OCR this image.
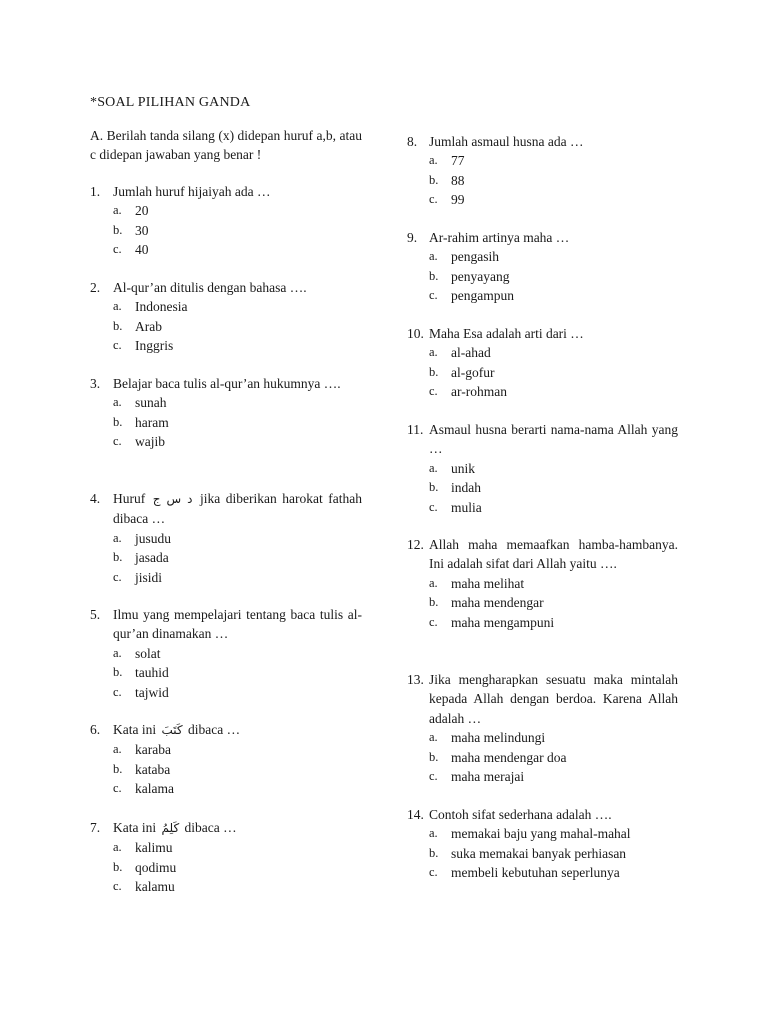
*SOAL PILIHAN GANDA
A. Berilah tanda silang (x) didepan huruf a,b, atau c didepan jawaban yang benar !
1. Jumlah huruf hijaiyah ada …
a. 20
b. 30
c. 40
2. Al-qur’an ditulis dengan bahasa ….
a. Indonesia
b. Arab
c. Inggris
3. Belajar baca tulis al-qur’an hukumnya ….
a. sunah
b. haram
c. wajib
4. Huruf د س ج jika diberikan harokat fathah dibaca …
a. jusudu
b. jasada
c. jisidi
5. Ilmu yang mempelajari tentang baca tulis al-qur’an dinamakan …
a. solat
b. tauhid
c. tajwid
6. Kata ini كَتَبَ dibaca …
a. karaba
b. kataba
c. kalama
7. Kata ini كَلِمُ dibaca …
a. kalimu
b. qodimu
c. kalamu
8. Jumlah asmaul husna ada …
a. 77
b. 88
c. 99
9. Ar-rahim artinya maha …
a. pengasih
b. penyayang
c. pengampun
10. Maha Esa adalah arti dari …
a. al-ahad
b. al-gofur
c. ar-rohman
11. Asmaul husna berarti nama-nama Allah yang …
a. unik
b. indah
c. mulia
12. Allah maha memaafkan hamba-hambanya. Ini adalah sifat dari Allah yaitu ….
a. maha melihat
b. maha mendengar
c. maha mengampuni
13. Jika mengharapkan sesuatu maka mintalah kepada Allah dengan berdoa. Karena Allah adalah …
a. maha melindungi
b. maha mendengar doa
c. maha merajai
14. Contoh sifat sederhana adalah ….
a. memakai baju yang mahal-mahal
b. suka memakai banyak perhiasan
c. membeli kebutuhan seperlunya
